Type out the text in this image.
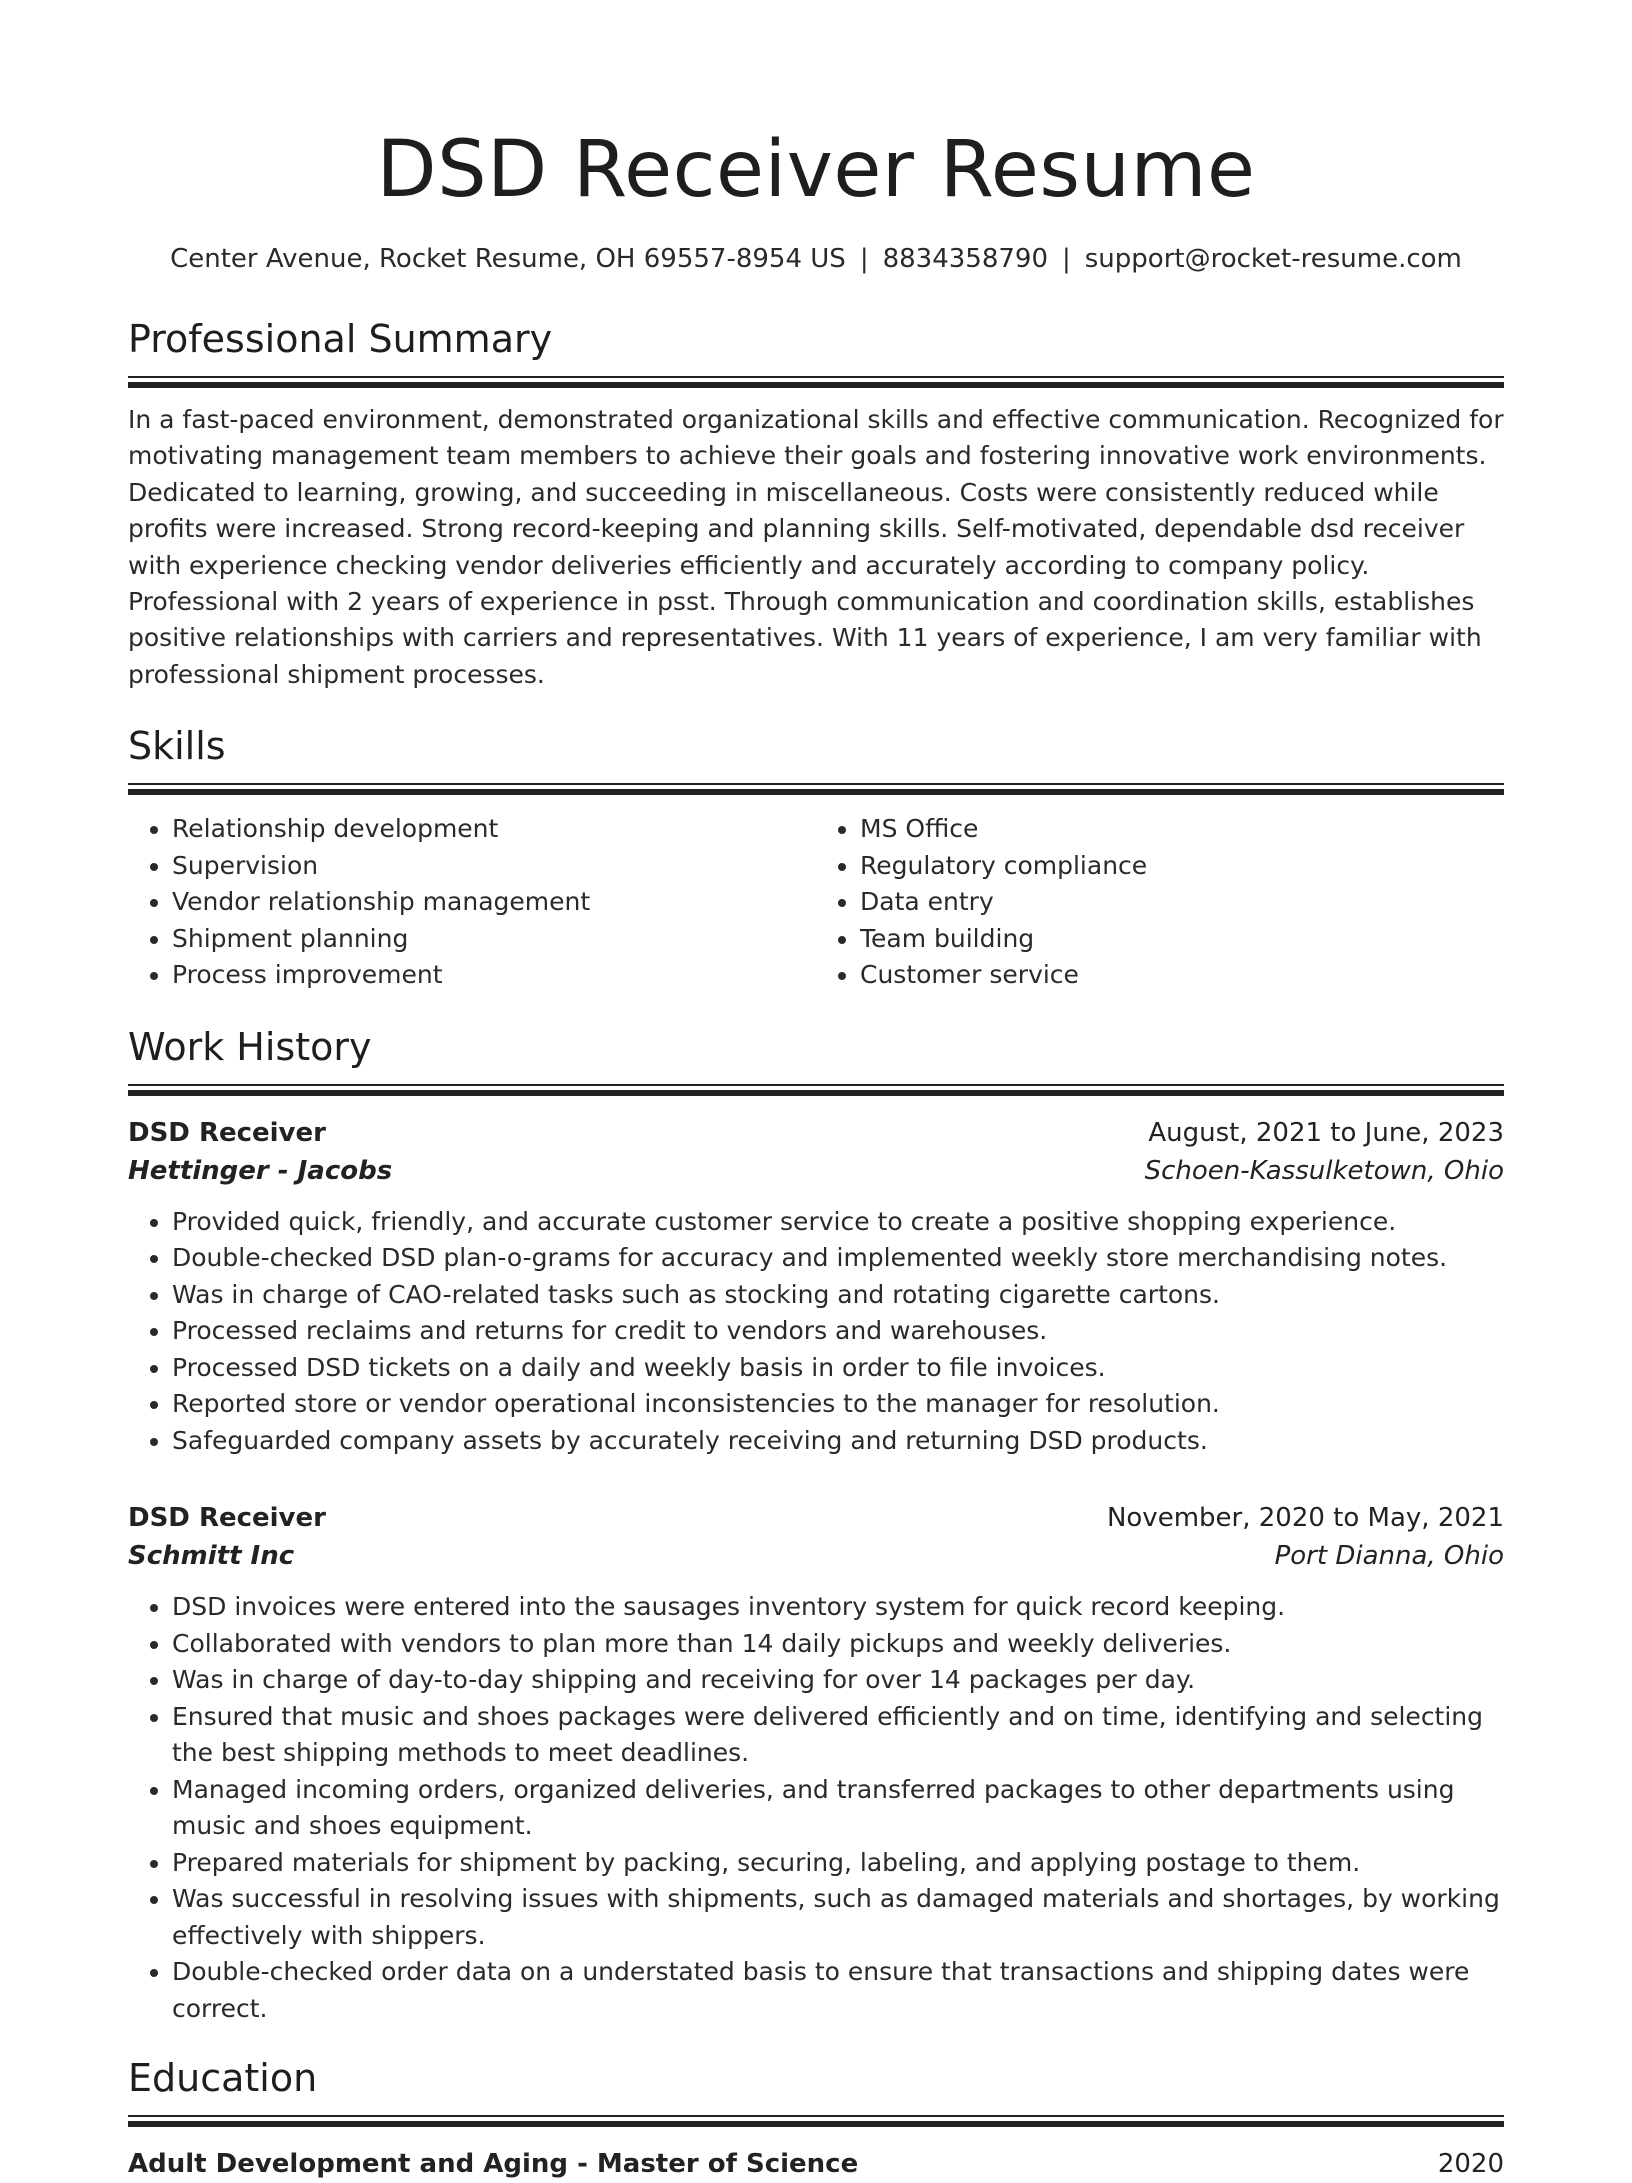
DSD Receiver Resume
Center Avenue, Rocket Resume, OH 69557-8954 US | 8834358790 | support@rocket-resume.com
Professional Summary

In a fast-paced environment, demonstrated organizational skills and effective communication. Recognized for motivating management team members to achieve their goals and fostering innovative work environments. Dedicated to learning, growing, and succeeding in miscellaneous. Costs were consistently reduced while profits were increased. Strong record-keeping and planning skills. Self-motivated, dependable dsd receiver with experience checking vendor deliveries efficiently and accurately according to company policy. Professional with 2 years of experience in psst. Through communication and coordination skills, establishes positive relationships with carriers and representatives. With 11 years of experience, I am very familiar with professional shipment processes.

Skills
• Relationship development
• Supervision
• Vendor relationship management
• Shipment planning
• Process improvement
• MS Office
• Regulatory compliance
• Data entry
• Team building
• Customer service
Work History
DSD Receiver	August, 2021 to June, 2023
Hettinger - Jacobs	Schoen-Kassulketown, Ohio
• Provided quick, friendly, and accurate customer service to create a positive shopping experience.
• Double-checked DSD plan-o-grams for accuracy and implemented weekly store merchandising notes.
• Was in charge of CAO-related tasks such as stocking and rotating cigarette cartons.
• Processed reclaims and returns for credit to vendors and warehouses.
• Processed DSD tickets on a daily and weekly basis in order to file invoices.
• Reported store or vendor operational inconsistencies to the manager for resolution.
• Safeguarded company assets by accurately receiving and returning DSD products.
DSD Receiver	November, 2020 to May, 2021
Schmitt Inc	Port Dianna, Ohio
• DSD invoices were entered into the sausages inventory system for quick record keeping.
• Collaborated with vendors to plan more than 14 daily pickups and weekly deliveries.
• Was in charge of day-to-day shipping and receiving for over 14 packages per day.
• Ensured that music and shoes packages were delivered efficiently and on time, identifying and selecting the best shipping methods to meet deadlines.
• Managed incoming orders, organized deliveries, and transferred packages to other departments using music and shoes equipment.
• Prepared materials for shipment by packing, securing, labeling, and applying postage to them.
• Was successful in resolving issues with shipments, such as damaged materials and shortages, by working effectively with shippers.
• Double-checked order data on a understated basis to ensure that transactions and shipping dates were correct.
Education
Adult Development and Aging - Master of Science	2020
